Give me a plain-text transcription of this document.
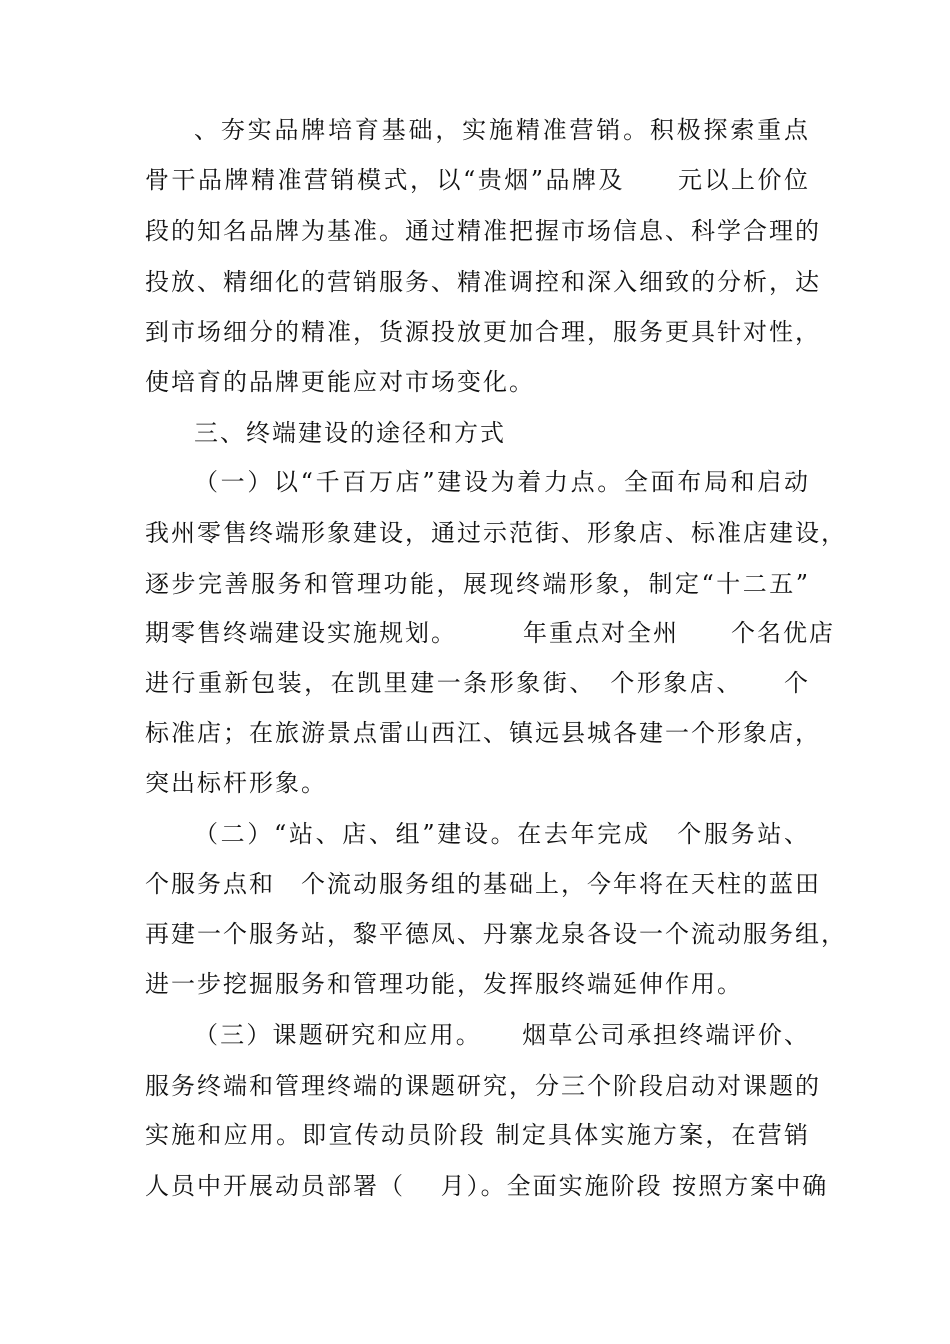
、夯实品牌培育基础，实施精准营销。积极探索重点
骨干品牌精准营销模式，以“贵烟”品牌及　　元以上价位
段的知名品牌为基准。通过精准把握市场信息、科学合理的
投放、精细化的营销服务、精准调控和深入细致的分析，达
到市场细分的精准，货源投放更加合理，服务更具针对性，
使培育的品牌更能应对市场变化。
三、终端建设的途径和方式
（一）以“千百万店”建设为着力点。全面布局和启动
我州零售终端形象建设，通过示范街、形象店、标准店建设，
逐步完善服务和管理功能，展现终端形象，制定“十二五”
期零售终端建设实施规划。　　　年重点对全州　　个名优店
进行重新包装，在凯里建一条形象街、　个形象店、　　个
标准店；在旅游景点雷山西江、镇远县城各建一个形象店，
突出标杆形象。
（二）“站、店、组”建设。在去年完成　个服务站、
个服务点和　个流动服务组的基础上，今年将在天柱的蓝田
再建一个服务站，黎平德凤、丹寨龙泉各设一个流动服务组，
进一步挖掘服务和管理功能，发挥服终端延伸作用。
（三）课题研究和应用。　　烟草公司承担终端评价、
服务终端和管理终端的课题研究，分三个阶段启动对课题的
实施和应用。即宣传动员阶段 制定具体实施方案，在营销
人员中开展动员部署（　 月）。全面实施阶段 按照方案中确
